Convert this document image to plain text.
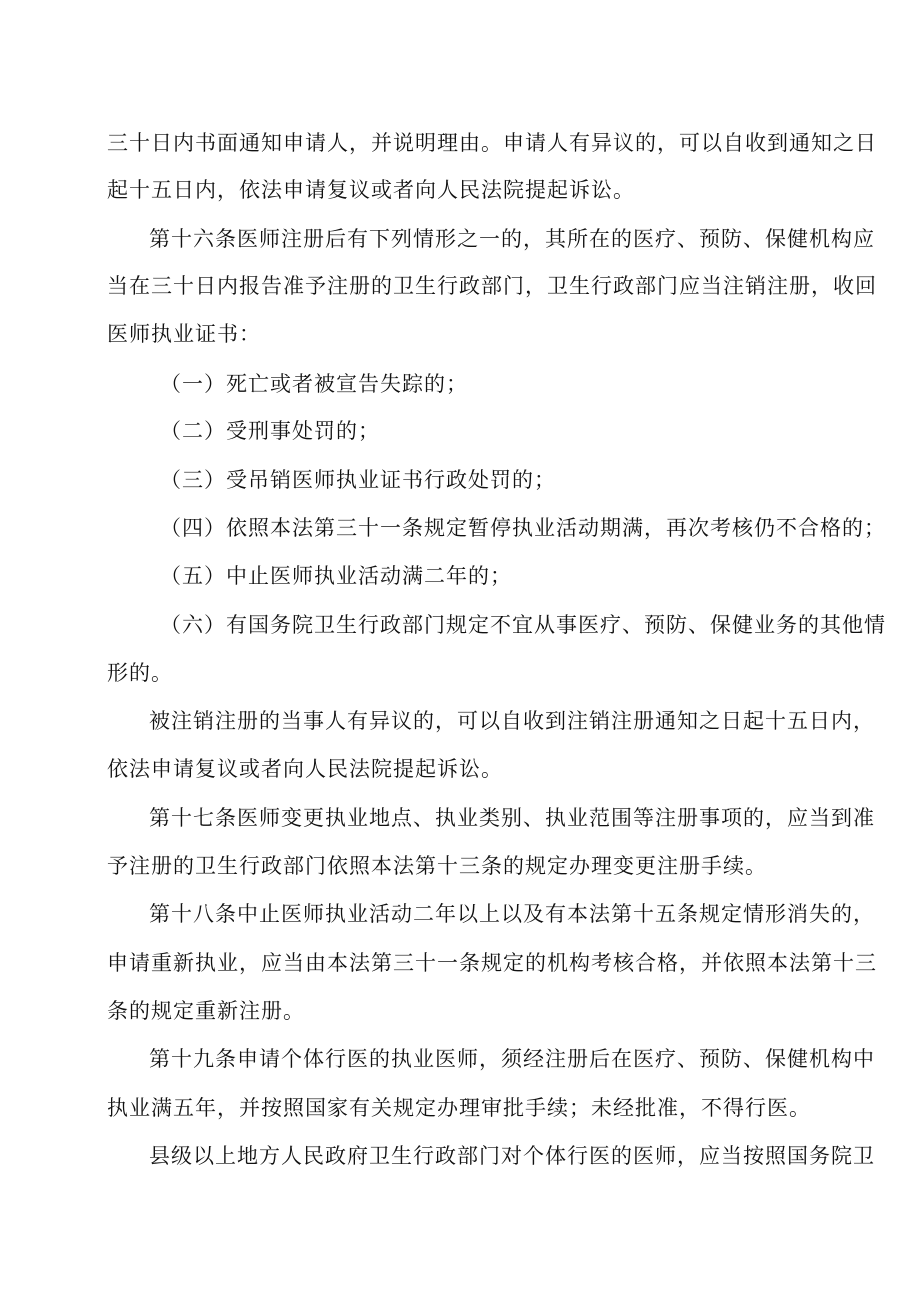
三十日内书面通知申请人，并说明理由。申请人有异议的，可以自收到通知之日
起十五日内，依法申请复议或者向人民法院提起诉讼。
第十六条医师注册后有下列情形之一的，其所在的医疗、预防、保健机构应
当在三十日内报告准予注册的卫生行政部门，卫生行政部门应当注销注册，收回
医师执业证书：
（一）死亡或者被宣告失踪的；
（二）受刑事处罚的；
（三）受吊销医师执业证书行政处罚的；
（四）依照本法第三十一条规定暂停执业活动期满，再次考核仍不合格的；
（五）中止医师执业活动满二年的；
（六）有国务院卫生行政部门规定不宜从事医疗、预防、保健业务的其他情
形的。
被注销注册的当事人有异议的，可以自收到注销注册通知之日起十五日内，
依法申请复议或者向人民法院提起诉讼。
第十七条医师变更执业地点、执业类别、执业范围等注册事项的，应当到准
予注册的卫生行政部门依照本法第十三条的规定办理变更注册手续。
第十八条中止医师执业活动二年以上以及有本法第十五条规定情形消失的，
申请重新执业，应当由本法第三十一条规定的机构考核合格，并依照本法第十三
条的规定重新注册。
第十九条申请个体行医的执业医师，须经注册后在医疗、预防、保健机构中
执业满五年，并按照国家有关规定办理审批手续；未经批准，不得行医。
县级以上地方人民政府卫生行政部门对个体行医的医师，应当按照国务院卫
